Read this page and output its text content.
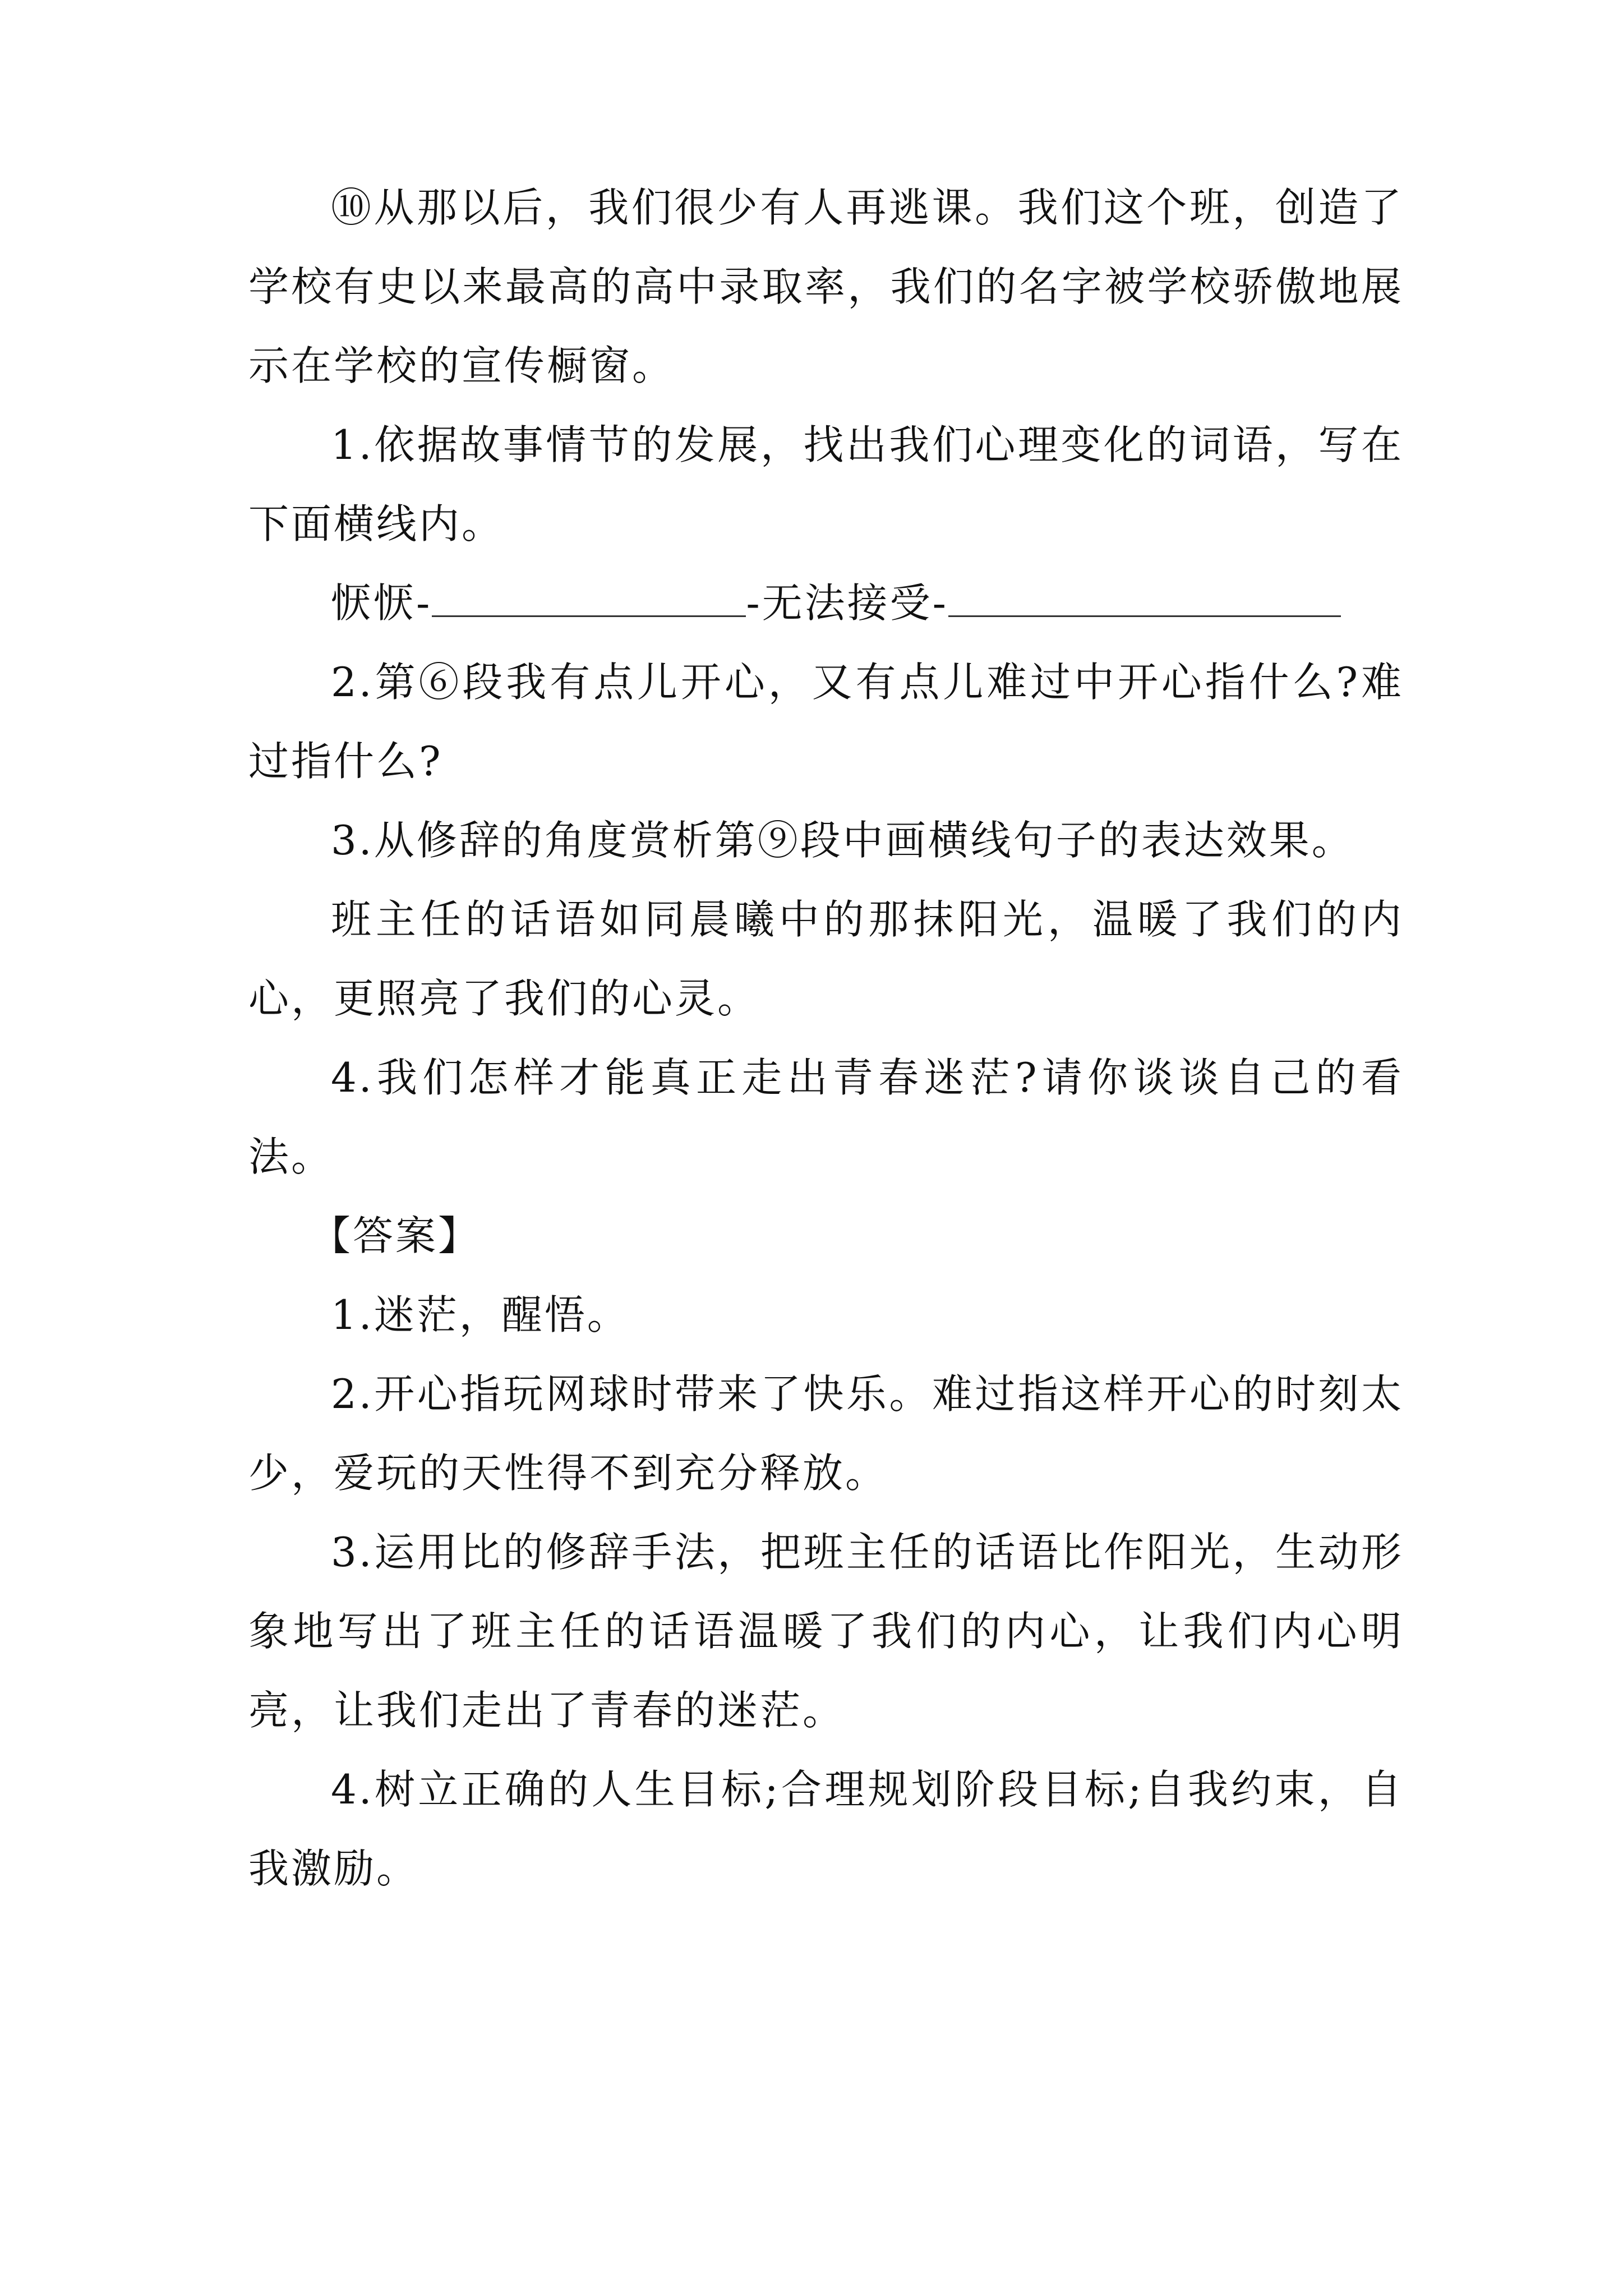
⑩从那以后，我们很少有人再逃课。我们这个班，创造了学校有史以来最高的高中录取率，我们的名字被学校骄傲地展示在学校的宣传橱窗。

1.依据故事情节的发展，找出我们心理变化的词语，写在下面横线内。

恹恹-	-无法接受-

2.第⑥段我有点儿开心，又有点儿难过中开心指什么?难过指什么?

3.从修辞的角度赏析第⑨段中画横线句子的表达效果。

班主任的话语如同晨曦中的那抹阳光，温暖了我们的内心，更照亮了我们的心灵。

4.我们怎样才能真正走出青春迷茫?请你谈谈自己的看法。

【答案】

1.迷茫，醒悟。

2.开心指玩网球时带来了快乐。难过指这样开心的时刻太少，爱玩的天性得不到充分释放。

3.运用比的修辞手法，把班主任的话语比作阳光，生动形象地写出了班主任的话语温暖了我们的内心，让我们内心明亮，让我们走出了青春的迷茫。

4.树立正确的人生目标;合理规划阶段目标;自我约束，自我激励。
